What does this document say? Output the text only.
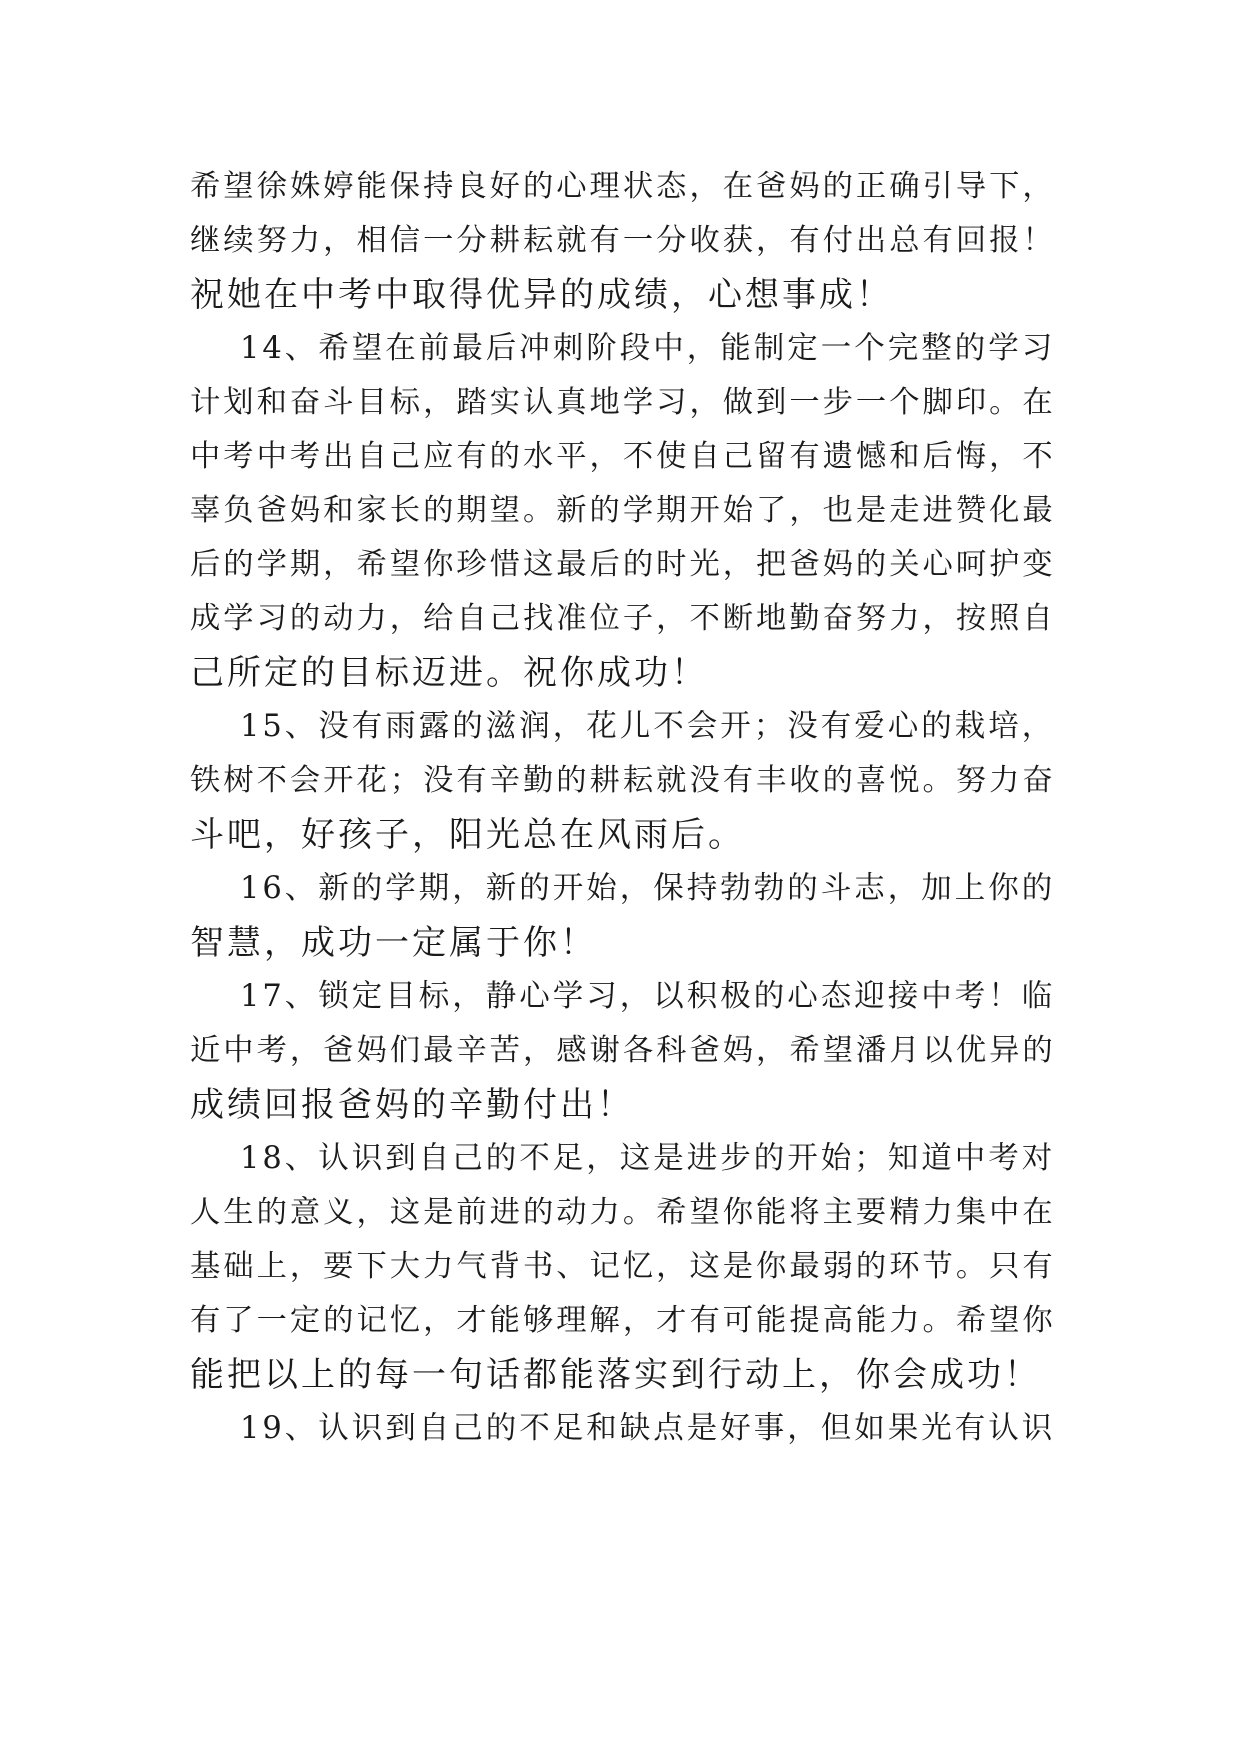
希望徐姝婷能保持良好的心理状态，在爸妈的正确引导下，
继续努力，相信一分耕耘就有一分收获，有付出总有回报！
祝她在中考中取得优异的成绩，心想事成！
14、希望在前最后冲刺阶段中，能制定一个完整的学习
计划和奋斗目标，踏实认真地学习，做到一步一个脚印。在
中考中考出自己应有的水平，不使自己留有遗憾和后悔，不
辜负爸妈和家长的期望。新的学期开始了，也是走进赞化最
后的学期，希望你珍惜这最后的时光，把爸妈的关心呵护变
成学习的动力，给自己找准位子，不断地勤奋努力，按照自
己所定的目标迈进。祝你成功！
15、没有雨露的滋润，花儿不会开；没有爱心的栽培，
铁树不会开花；没有辛勤的耕耘就没有丰收的喜悦。努力奋
斗吧，好孩子，阳光总在风雨后。
16、新的学期，新的开始，保持勃勃的斗志，加上你的
智慧，成功一定属于你！
17、锁定目标，静心学习，以积极的心态迎接中考！临
近中考，爸妈们最辛苦，感谢各科爸妈，希望潘月以优异的
成绩回报爸妈的辛勤付出！
18、认识到自己的不足，这是进步的开始；知道中考对
人生的意义，这是前进的动力。希望你能将主要精力集中在
基础上，要下大力气背书、记忆，这是你最弱的环节。只有
有了一定的记忆，才能够理解，才有可能提高能力。希望你
能把以上的每一句话都能落实到行动上，你会成功！
19、认识到自己的不足和缺点是好事，但如果光有认识
